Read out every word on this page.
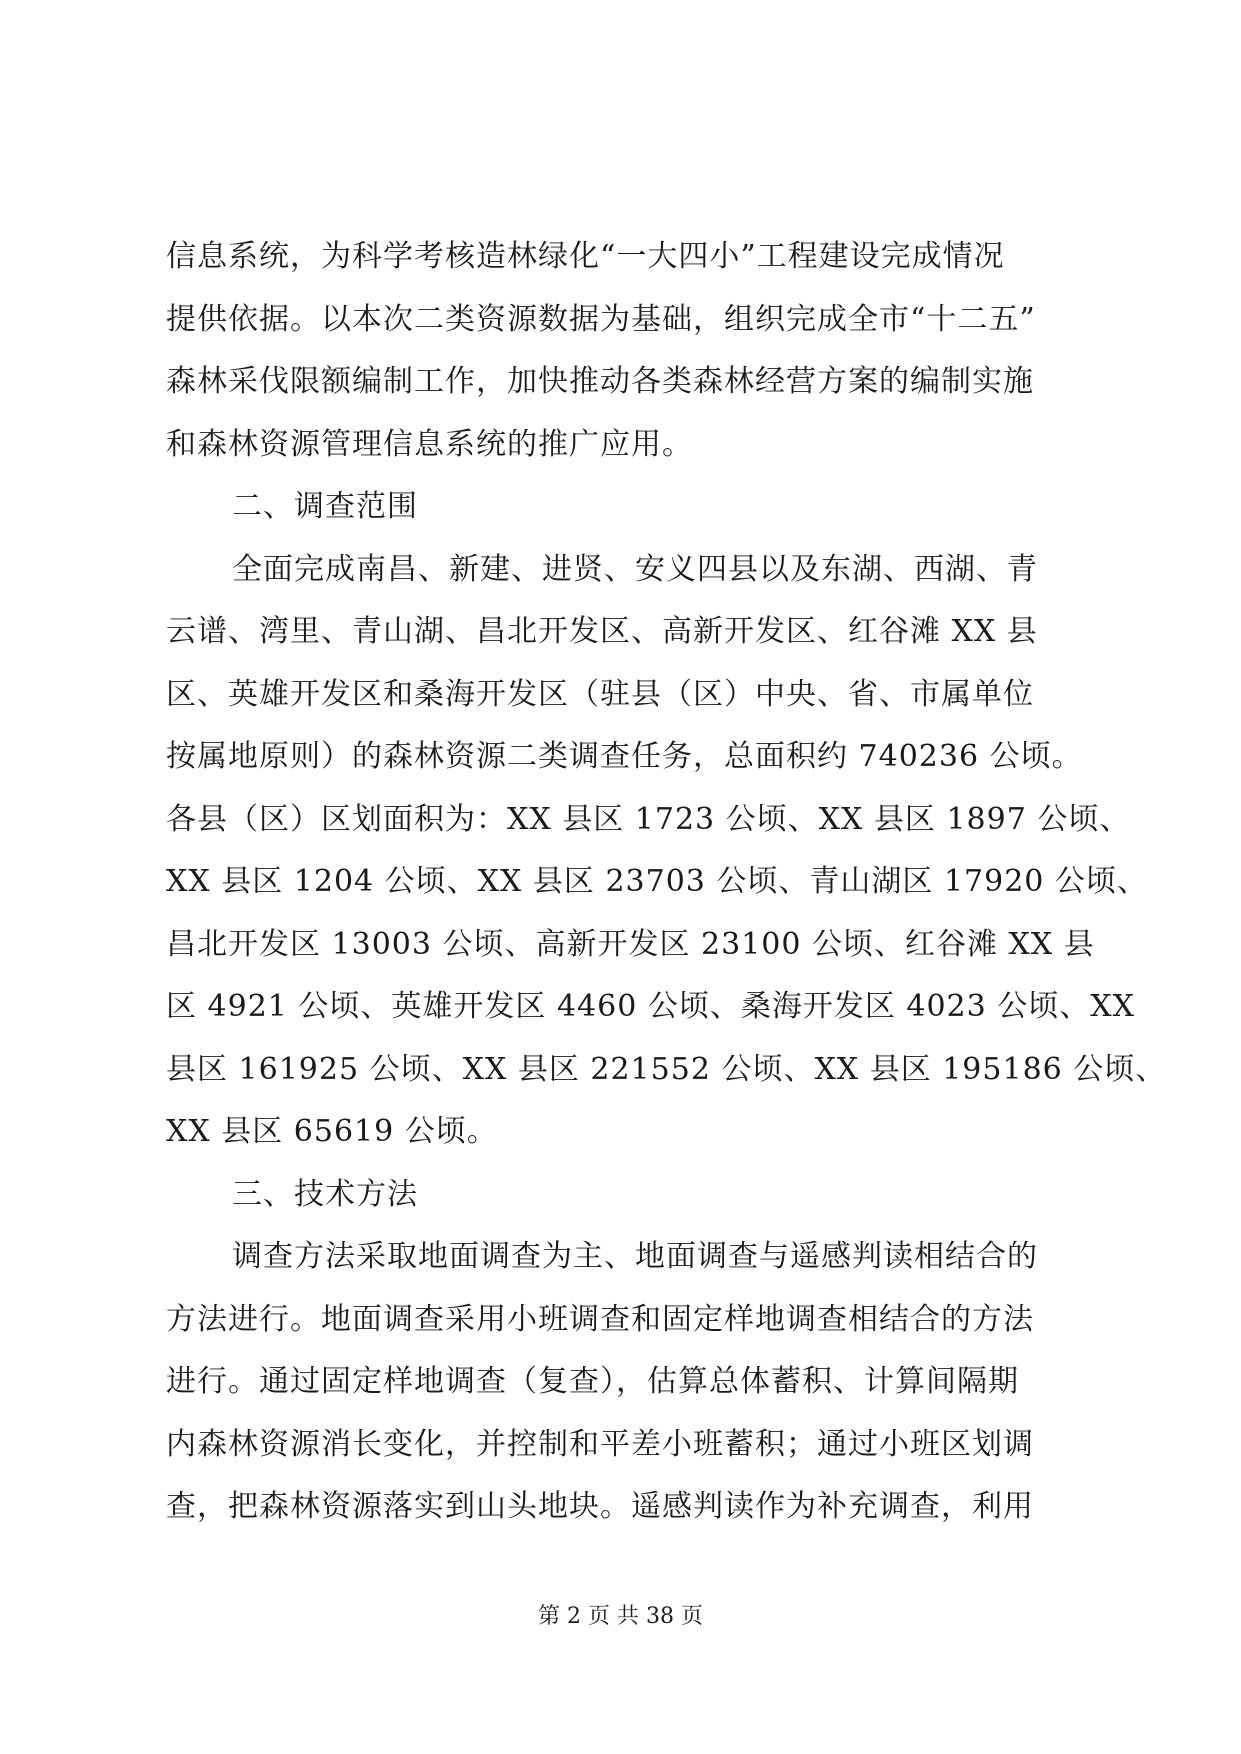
信息系统，为科学考核造林绿化“一大四小”工程建设完成情况
提供依据。以本次二类资源数据为基础，组织完成全市“十二五”
森林采伐限额编制工作，加快推动各类森林经营方案的编制实施
和森林资源管理信息系统的推广应用。
二、调查范围
全面完成南昌、新建、进贤、安义四县以及东湖、西湖、青
云谱、湾里、青山湖、昌北开发区、高新开发区、红谷滩 XX 县
区、英雄开发区和桑海开发区（驻县（区）中央、省、市属单位
按属地原则）的森林资源二类调查任务，总面积约 740236 公顷。
各县（区）区划面积为：XX 县区 1723 公顷、XX 县区 1897 公顷、
XX 县区 1204 公顷、XX 县区 23703 公顷、青山湖区 17920 公顷、
昌北开发区 13003 公顷、高新开发区 23100 公顷、红谷滩 XX 县
区 4921 公顷、英雄开发区 4460 公顷、桑海开发区 4023 公顷、XX
县区 161925 公顷、XX 县区 221552 公顷、XX 县区 195186 公顷、
XX 县区 65619 公顷。
三、技术方法
调查方法采取地面调查为主、地面调查与遥感判读相结合的
方法进行。地面调查采用小班调查和固定样地调查相结合的方法
进行。通过固定样地调查（复查），估算总体蓄积、计算间隔期
内森林资源消长变化，并控制和平差小班蓄积；通过小班区划调
查，把森林资源落实到山头地块。遥感判读作为补充调查，利用
第 2 页 共 38 页
